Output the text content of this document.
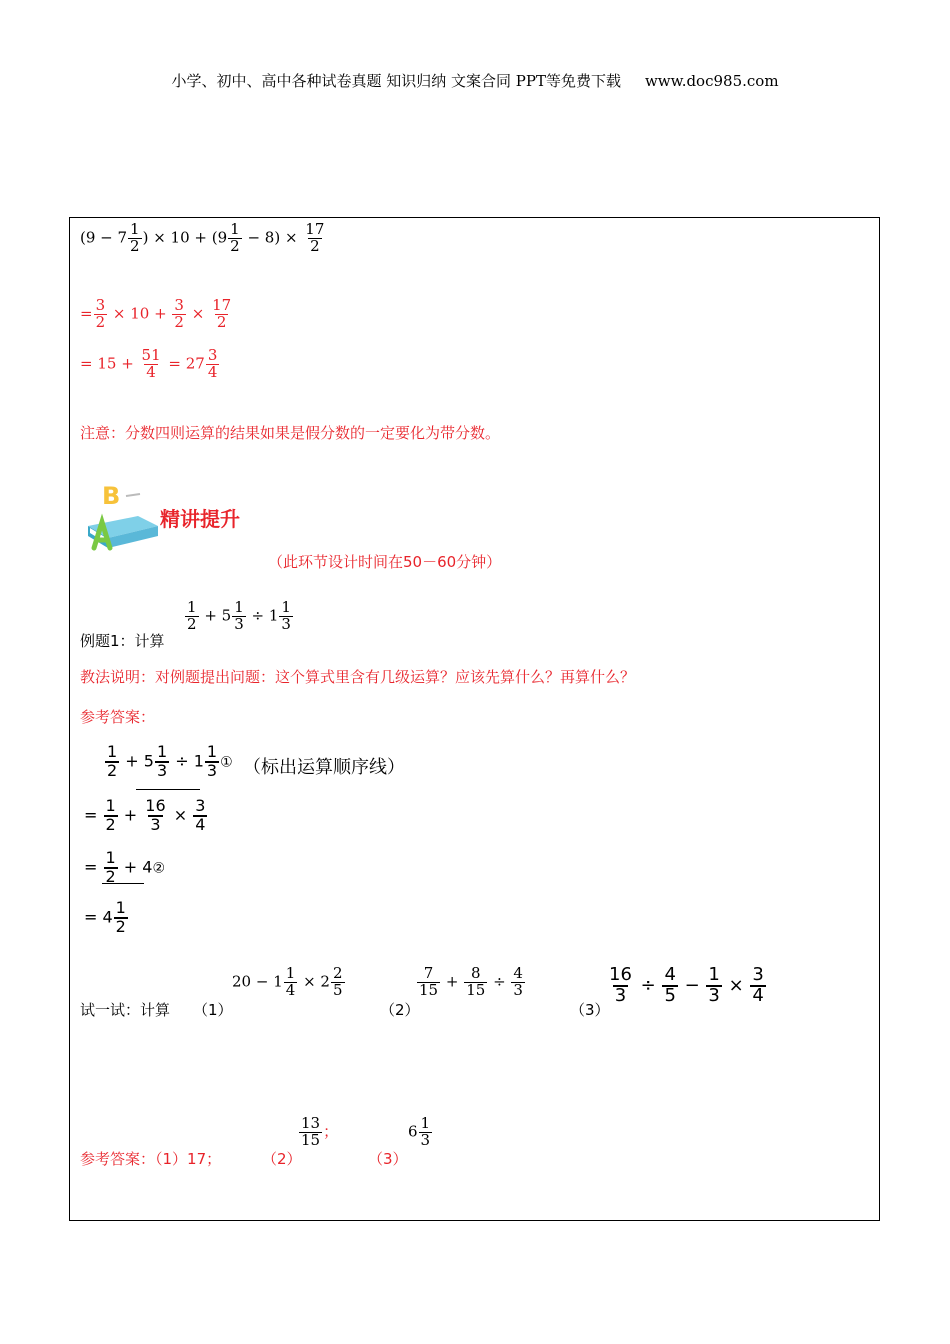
小学、初中、高中各种试卷真题 知识归纳 文案合同 PPT等免费下载 www.doc985.com
($9 - 7 \frac{1}{2}$ ) × $10 + (9 \frac{1}{2} - 8) \times \frac{17}{2}$
= $\frac{3}{2} \times 10 + \frac{3}{2} \times \frac{17}{2}$
= $15 + \frac{51}{4} = 27 \frac{3}{4}$
注意：分数四则运算的结果如果是假分数的一定要化为带分数。
B
精讲提升
（此环节设计时间在50－60分钟）
例题1：计算
$\frac{1}{2} + 5 \frac{1}{3} \div 1 \frac{1}{3}$
教法说明：对例题提出问题：这个算式里含有几级运算？应该先算什么？再算什么？
参考答案：
$\frac{1}{2} + 5 \frac{1}{3} \div 1 \frac{1}{3}$ ① （标出运算顺序线）
= $\frac{1}{2} + \frac{16}{3} \times \frac{3}{4}$
= $\frac{1}{2}$ + 4②
= $4 \frac{1}{2}$
试一试：计算 （1）
$20 - 1 \frac{1}{4} \times 2 \frac{2}{5}$
（2）
$\frac{7}{15} + \frac{8}{15} \div \frac{4}{3}$
（3）
$\frac{16}{3} \div \frac{4}{5} - \frac{1}{3} \times \frac{3}{4}$
参考答案：（1）17；	（2）
$\frac{13}{15}$ ；
（3）
$6 \frac{1}{3}$
